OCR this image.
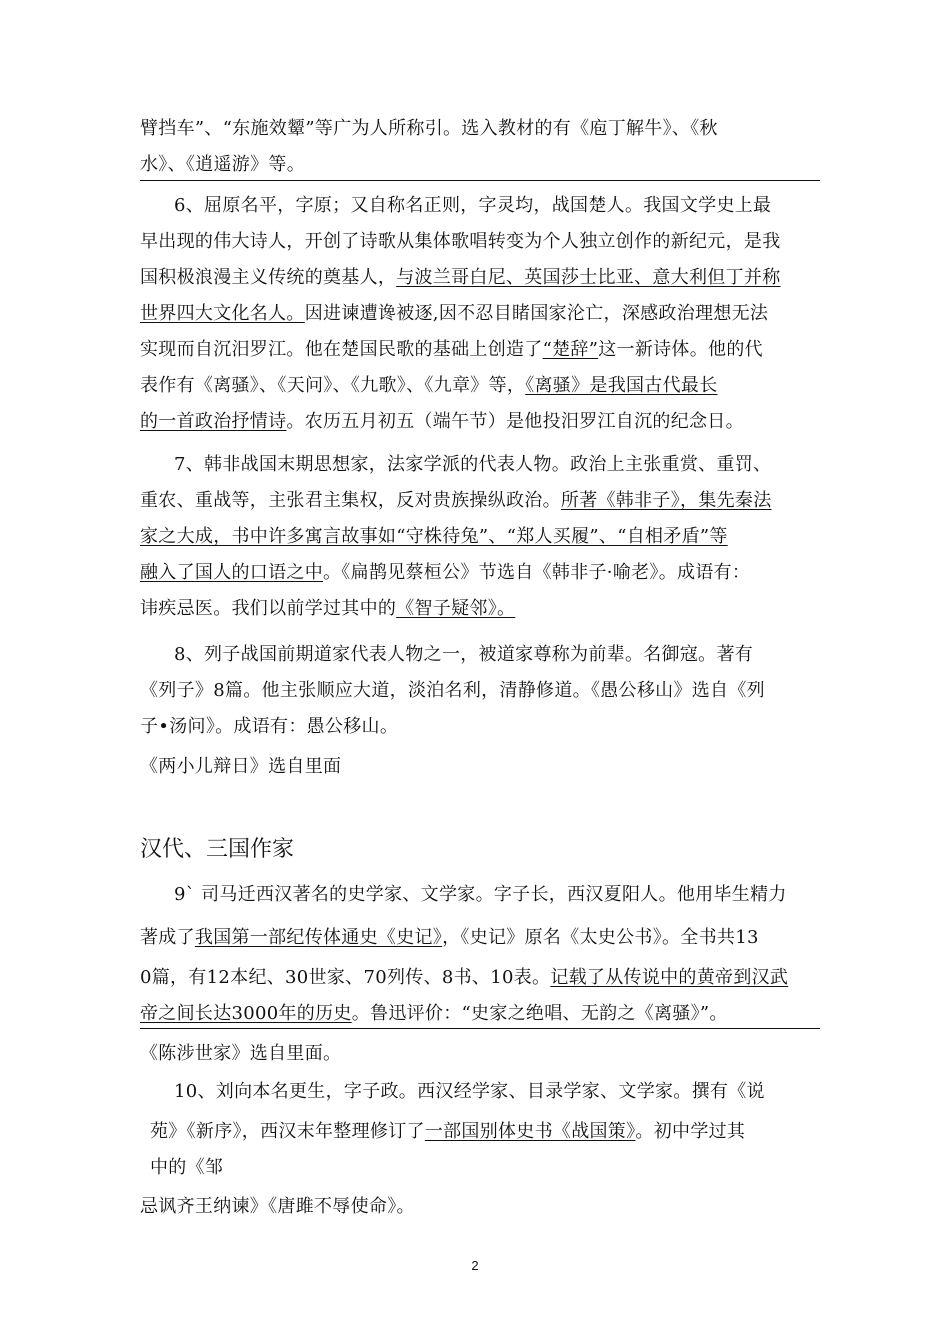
臂挡车”、“东施效颦”等广为人所称引。选入教材的有《庖丁解牛》、《秋
水》、《逍遥游》等。
6、屈原名平，字原；又自称名正则，字灵均，战国楚人。我国文学史上最
早出现的伟大诗人，开创了诗歌从集体歌唱转变为个人独立创作的新纪元，是我
国积极浪漫主义传统的奠基人，与波兰哥白尼、英国莎士比亚、意大利但丁并称
世界四大文化名人。因进谏遭谗被逐,因不忍目睹国家沦亡，深感政治理想无法
实现而自沉汨罗江。他在楚国民歌的基础上创造了“楚辞”这一新诗体。他的代
表作有《离骚》、《天问》、《九歌》、《九章》等，《离骚》是我国古代最长
的一首政治抒情诗。农历五月初五（端午节）是他投汨罗江自沉的纪念日。
7、韩非战国末期思想家，法家学派的代表人物。政治上主张重赏、重罚、
重农、重战等，主张君主集权，反对贵族操纵政治。所著《韩非子》，集先秦法
家之大成，书中许多寓言故事如“守株待兔”、“郑人买履”、“自相矛盾”等
融入了国人的口语之中。《扁鹊见蔡桓公》节选自《韩非子·喻老》。成语有：
讳疾忌医。我们以前学过其中的《智子疑邻》。
8、列子战国前期道家代表人物之一，被道家尊称为前辈。名御寇。著有
《列子》8篇。他主张顺应大道，淡泊名利，清静修道。《愚公移山》选自《列
子•汤问》。成语有：愚公移山。
《两小儿辩日》选自里面
汉代、三国作家
9` 司马迁西汉著名的史学家、文学家。字子长，西汉夏阳人。他用毕生精力
著成了我国第一部纪传体通史《史记》，《史记》原名《太史公书》。全书共13
0篇，有12本纪、30世家、70列传、8书、10表。记载了从传说中的黄帝到汉武
帝之间长达3000年的历史。鲁迅评价：“史家之绝唱、无韵之《离骚》”。
《陈涉世家》选自里面。
10、刘向本名更生，字子政。西汉经学家、目录学家、文学家。撰有《说
苑》《新序》，西汉末年整理修订了一部国别体史书《战国策》。初中学过其
中的《邹
忌讽齐王纳谏》《唐雎不辱使命》。
2
